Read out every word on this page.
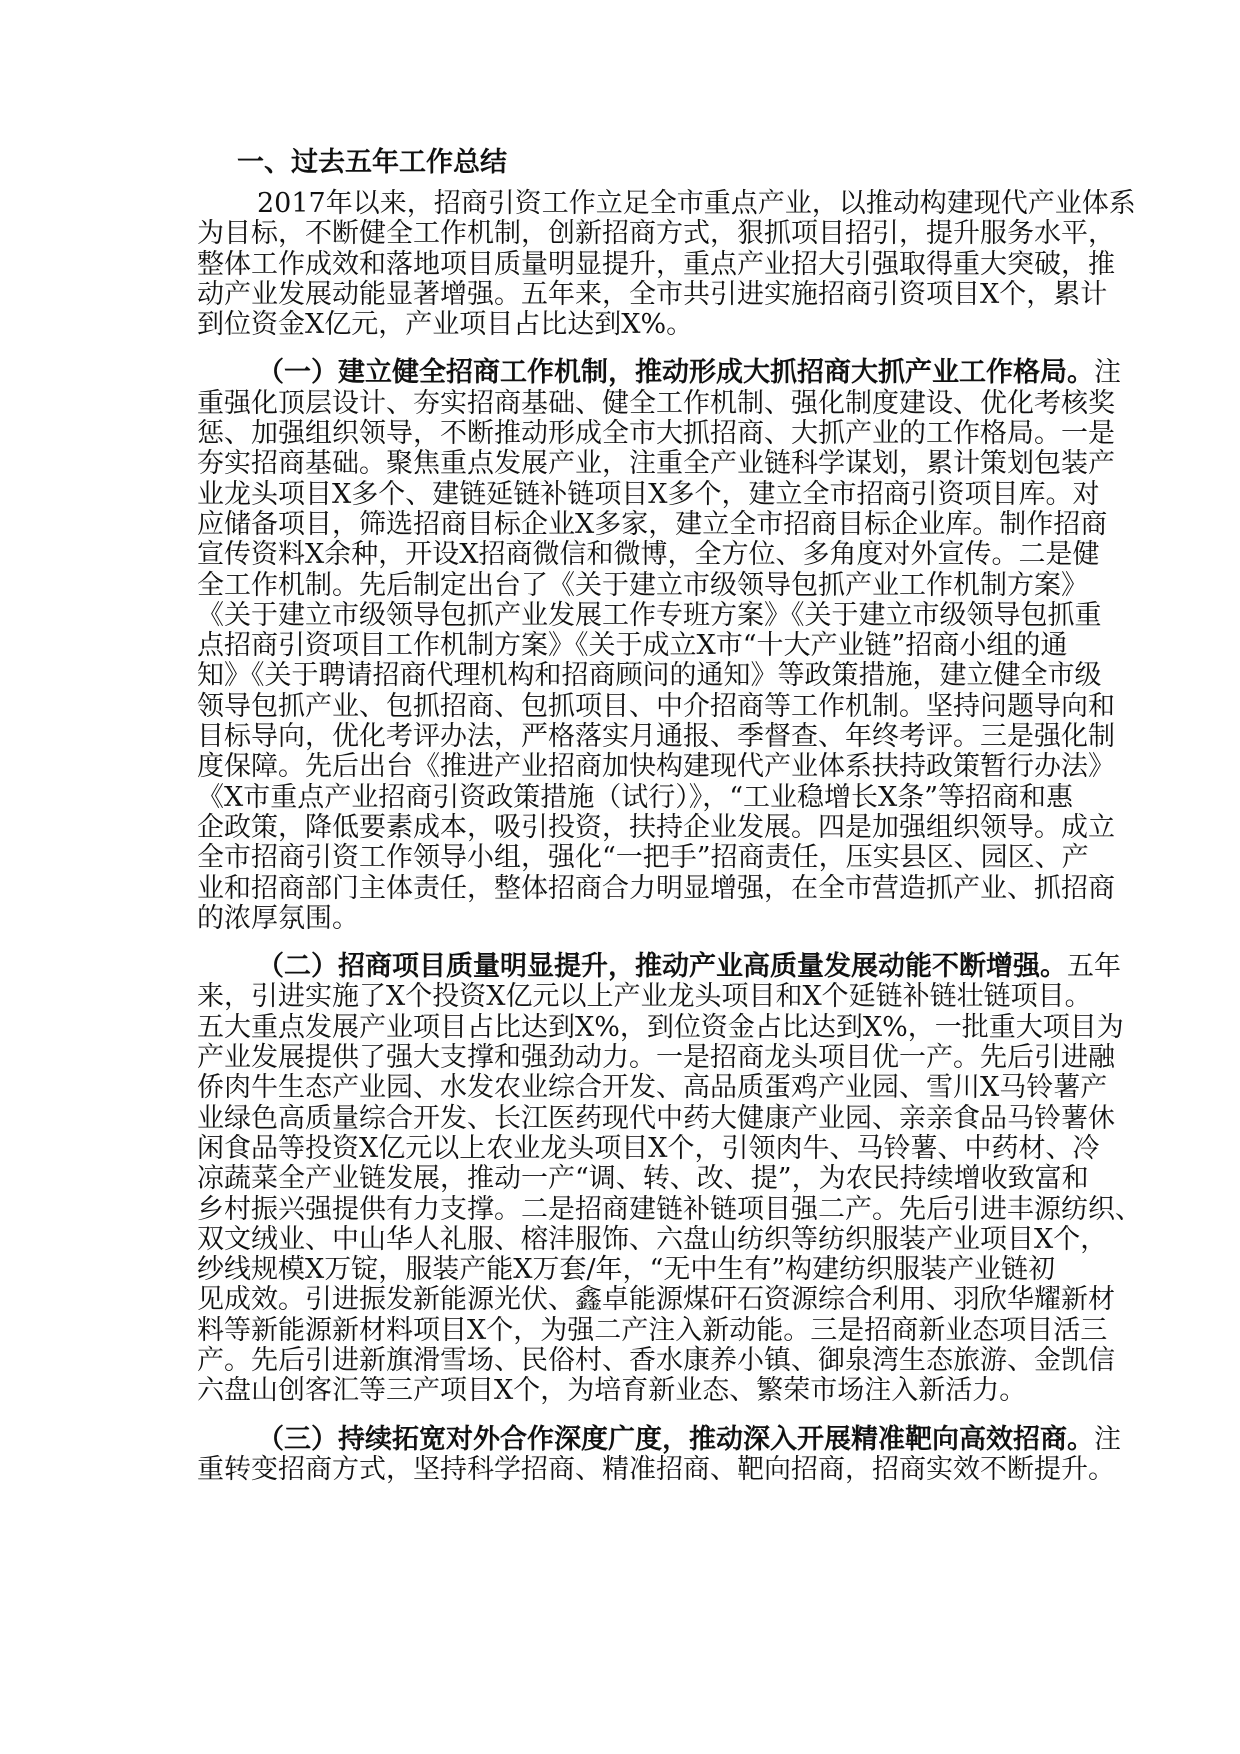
一、过去五年工作总结
2017年以来，招商引资工作立足全市重点产业，以推动构建现代产业体系
为目标，不断健全工作机制，创新招商方式，狠抓项目招引，提升服务水平，
整体工作成效和落地项目质量明显提升，重点产业招大引强取得重大突破，推
动产业发展动能显著增强。五年来，全市共引进实施招商引资项目X个，累计
到位资金X亿元，产业项目占比达到X%。
（一）建立健全招商工作机制，推动形成大抓招商大抓产业工作格局。注
重强化顶层设计、夯实招商基础、健全工作机制、强化制度建设、优化考核奖
惩、加强组织领导，不断推动形成全市大抓招商、大抓产业的工作格局。一是
夯实招商基础。聚焦重点发展产业，注重全产业链科学谋划，累计策划包装产
业龙头项目X多个、建链延链补链项目X多个，建立全市招商引资项目库。对
应储备项目，筛选招商目标企业X多家，建立全市招商目标企业库。制作招商
宣传资料X余种，开设X招商微信和微博，全方位、多角度对外宣传。二是健
全工作机制。先后制定出台了《关于建立市级领导包抓产业工作机制方案》
《关于建立市级领导包抓产业发展工作专班方案》《关于建立市级领导包抓重
点招商引资项目工作机制方案》《关于成立X市“十大产业链”招商小组的通
知》《关于聘请招商代理机构和招商顾问的通知》等政策措施，建立健全市级
领导包抓产业、包抓招商、包抓项目、中介招商等工作机制。坚持问题导向和
目标导向，优化考评办法，严格落实月通报、季督查、年终考评。三是强化制
度保障。先后出台《推进产业招商加快构建现代产业体系扶持政策暂行办法》
《X市重点产业招商引资政策措施（试行）》，“工业稳增长X条”等招商和惠
企政策，降低要素成本，吸引投资，扶持企业发展。四是加强组织领导。成立
全市招商引资工作领导小组，强化“一把手”招商责任，压实县区、园区、产
业和招商部门主体责任，整体招商合力明显增强，在全市营造抓产业、抓招商
的浓厚氛围。
（二）招商项目质量明显提升，推动产业高质量发展动能不断增强。五年
来，引进实施了X个投资X亿元以上产业龙头项目和X个延链补链壮链项目。
五大重点发展产业项目占比达到X%，到位资金占比达到X%，一批重大项目为
产业发展提供了强大支撑和强劲动力。一是招商龙头项目优一产。先后引进融
侨肉牛生态产业园、水发农业综合开发、高品质蛋鸡产业园、雪川X马铃薯产
业绿色高质量综合开发、长江医药现代中药大健康产业园、亲亲食品马铃薯休
闲食品等投资X亿元以上农业龙头项目X个，引领肉牛、马铃薯、中药材、冷
凉蔬菜全产业链发展，推动一产“调、转、改、提”，为农民持续增收致富和
乡村振兴强提供有力支撑。二是招商建链补链项目强二产。先后引进丰源纺织、
双文绒业、中山华人礼服、榕沣服饰、六盘山纺织等纺织服装产业项目X个，
纱线规模X万锭，服装产能X万套/年，“无中生有”构建纺织服装产业链初
见成效。引进振发新能源光伏、鑫卓能源煤矸石资源综合利用、羽欣华耀新材
料等新能源新材料项目X个，为强二产注入新动能。三是招商新业态项目活三
产。先后引进新旗滑雪场、民俗村、香水康养小镇、御泉湾生态旅游、金凯信
六盘山创客汇等三产项目X个，为培育新业态、繁荣市场注入新活力。
（三）持续拓宽对外合作深度广度，推动深入开展精准靶向高效招商。注
重转变招商方式，坚持科学招商、精准招商、靶向招商，招商实效不断提升。
